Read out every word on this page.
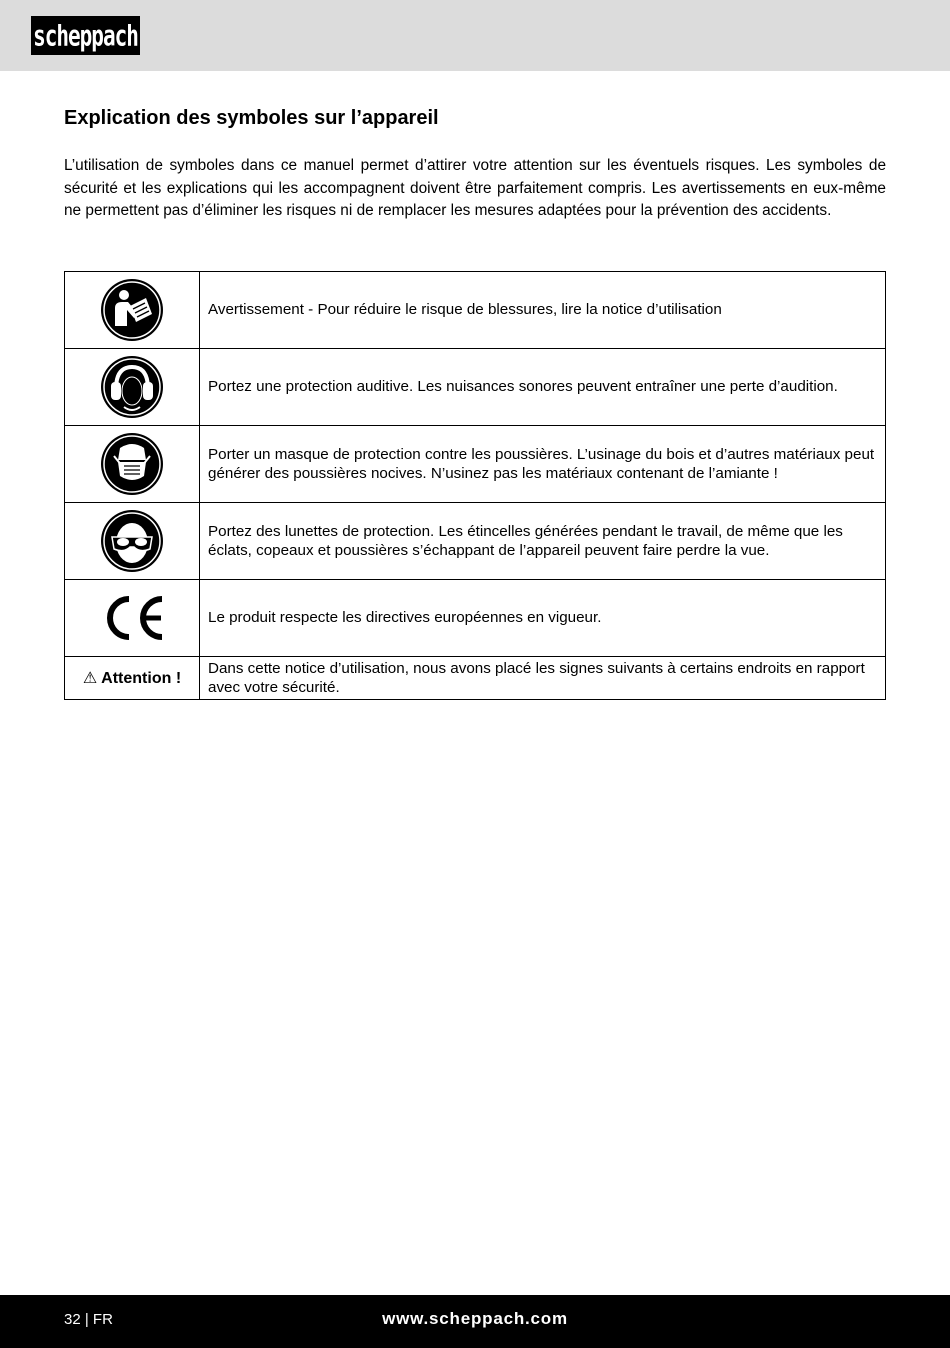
scheppach
Explication des symboles sur l’appareil

L’utilisation de symboles dans ce manuel permet d’attirer votre attention sur les éventuels risques. Les symboles de sécurité et les explications qui les accompagnent doivent être parfaitement compris. Les avertissements en eux-même ne permettent pas d’éliminer les risques ni de remplacer les mesures adaptées pour la prévention des accidents.

	Avertissement - Pour réduire le risque de blessures, lire la notice d’utilisation

	Portez une protection auditive. Les nuisances sonores peuvent entraîner une perte d’audition.

	Porter un masque de protection contre les poussières. L’usinage du bois et d’autres matériaux peut générer des poussières nocives. N’usinez pas les matériaux contenant de l’amiante !

	Portez des lunettes de protection. Les étincelles générées pendant le travail, de même que les éclats, copeaux et poussières s’échappant de l’appareil peuvent faire perdre la vue.

	Le produit respecte les directives européennes en vigueur.
⚠ Attention !	Dans cette notice d’utilisation, nous avons placé les signes suivants à certains endroits en rapport avec votre sécurité.
32 | FR	www.scheppach.com
